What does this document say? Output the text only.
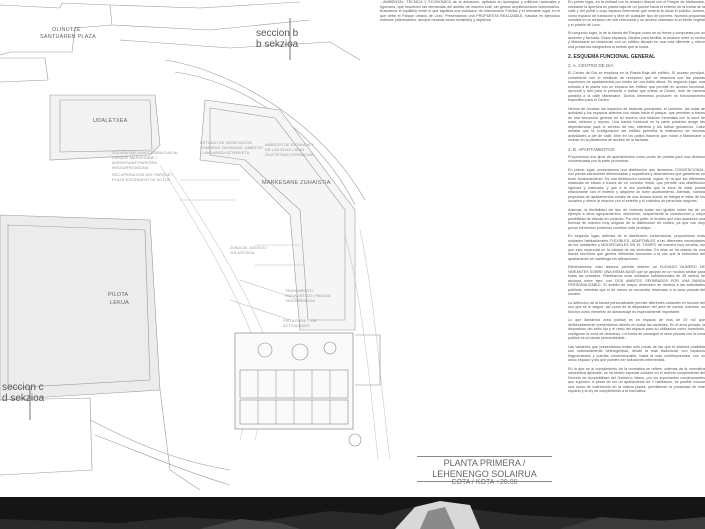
OLINUTZE
SANTUAREN PLAZA
UDALETXEA
MARKESANE ZUHAISTIA
PILOTA
LEKUA
ZONA DE JUEGOS / JOLASTOKIA
SOLVENTAR LA ACCESIBILIDAD AL PARQUE MARKESANE / MARKESANE PARKERA IRISGARRITASUNA
RECUPERACION DEL PARQUE / PLAZA ESCENARIO DE ACTOS
ESTUDIO DE VEGETACION, SOMBRAS, DENSIDAD, AMBITOS / LANDAREDI AZTERKETA
AMBITOS DE ESTANCIA Y DE LAS EDAD / ADIN GUZTIETAKO ESPAZIOAK
TRATAMIENTO PAISAJISTICO / PAISAIA TRATAMENDUA
PISTA PARA ... DE ACTIVIDADES
seccion b
b sekzioa
seccion c
d sekzioa
PLANTA PRIMERA /
LEHENENGO SOLAIRUA
COTA / KOTA +20.00

...AMBIENTAL, TECNICA Y ECONOMICA de la actuacion, aplicada en tipologias y edificios racionales y rigorosos, que resuelven las demandas del ambito de manera sutil, sin gestos arquitectonicos innecesarios. Buscamos el equilibrio entre lo que significa una actuacion de Intervencion Publica y el relevante lugar en el que debe el Parque urbano de Lezo. Presentamos una PROPUESTA REALIZABLE, basada en ejercicios estrictos (interesantes, aunque muchas veces invisibles) y objetivos.

En primer lugar, en la entidad con la relacion directa con el Parque de Markesane, mediante la apertura en planta baja de un porche hacia el exterior de la trama de la calle y del portal o cuyo espacio intermedio que ordena la hacia el publico. Ambos, como espacio de transicion y libre de cualquier tipo de porches. Nuestra propuesta consiste en la creacion de una vida social y un acceso ordenado a un frente vegetal y el pueblo de Lezo.

En segundo lugar, la de la banda del Parque como en su frente y compuesta por un ascenso y fachada. Estos espacios, ideales para facilitar la relacion entre el centro y Markesane se relacionan con un edificio situado en una cota diferente y ofrece una presencia integradora al ambito que la rodea.

2. ESQUEMA FUNCIONAL GENERAL
2. A. CENTRO DE DIA

El Centro de Dia se emplaza en la Planta Baja del edificio. El acceso principal, coincidente con el vestibulo de recepcion que se relaciona con las plantas superiores de apartamentos por medio de una doble altura. En segundo lugar, una entrada a la planta con un espacio del edificio que permite en acceso funcional, opcional y faril para el personal o visitas que entran al Centro, todo de manera paralela a la calle Markesane. Dichos elementos producen un funcionamiento especifico para el Centro.

Hemos de recalcar los espacios de estancia principales, el comedor, las salas de actividad y los espacios abiertos con vistas hacia el parque, que permiten a traves de una secuencia generar en su entorno una relacion inmediata con la zona de estar, relacion y reposo. Una banda funcional en la parte posterior acoge las dependencias para el servicio de bar, cafeteria y los baños geriatricos. Cabe señalar que la configuracion del edificio permitira la realizacion de muchas actividades a pie de calle, bien en los patios traseros que miran a Markesane o incluso en la plataforma de acceso de la fachada.

2. B. APARTAMENTOS

Proponemos dos tipos de apartamentos como punto de partida para una decision consensuada con la parte promotora.

En primer lugar, presentamos una distribucion que llamamos CONVENCIONAL, con piezas claramente diferenciadas y superficies y dimensiones que garantizan un buen funcionamiento. Es una distribucion racional, logica, en la que las diferentes estancias se sitúan a traves de un corredor lineal, que permite una distribucion rigurosa y ordenada, y que a la vez posibilita que la zona de estar pueda relacionarse con el exterior y adquiera un buen asoleamiento. Ademas, nuestra propuesta de apartamentos consta de una terraza donde se integra el estar de los usuarios y ofrece la relacion con el exterior y el colectivo de personas mayores.

Ademas, la flexibilidad del tipo de vivienda todas son iguales sobre las de un ejemplo a otros agrupamientos, ofreciendo, simplemente la construccion y mejor posibilidad de estudio en conjunto. Por otra parte, el modelo que esto aparecen una formula de manera muy singular de la distribucion de costes, ya que con muy pocos elementos podemos construir este prototipo.

En segundo lugar, ademas de la distribucion convencional, proponemos unas unidades habitacionales FLEXIBLES, ADAPTABLES a las diferentes necesidades de los habitantes y MODIFICABLES EN EL TIEMPO de manera muy sencilla, sin que esto repercuta en la calidad de las viviendas. En ellas se ha dotado de una banda servidora que genera diferentes funciones a la vez que la estructura del apartamento se mantenga sin alteraciones.

Efectivamente, esto sistema permite obtener un ELEVADO NUMERO DE VARIANTES SOBRE UNA MISMA BASE que se apoyan en un modulo similar para todas las unidades. Planteamos unas unidades habitacionales de 45 metros de anchura entre ejes, con DOS AMBITOS SEPARADOS POR UNA BANDA PERSONALIZABLE. El ambito de mayor dimension se destina a las actividades publicas, mientras que el de menor se encuentra reservado a la zona privada del usuario.

La definicion de la banda personalizable permite diferentes variantes en funcion del uso que se le asigne, asi como de la disposicion del area de cocina. Ademas, su funcion como elemento de almacenaje es especialmente importante.

Lo que llamamos area publica es un espacio de mas de 20 m2 que deliberadamente presentamos abierto en todas las variantes. En el area privada, la disposicion del baño fijo y el resto del espacio para su utilizacion como dormitorio, configuran la zona de descanso. La forma de conseguir el area privada con la zona publica es la banda personalizable.

Las variantes que presentamos tratan solo pocas de las que el sistema posibilita son ordenadamente heterogeneas, desde la mas tradicional, con espacios fragmentados y puertas convencionales, hasta la mas contemporanea, con un unico espacio y las que pueden ser soluciones intermedias.

En lo que se al cumplimiento de la normativa se refiere, ademas de la normativa urbanistica aplicable, se ha tenido especial cuidado en el estricto cumplimiento del Decreto de Accesibilidad del Gobierno Vasco, por los importantes condicionantes que suponen. A pesar de ser un apartamento de 1 habitacion, es posible colocar una cama de matrimonio en la misma planta, permitiendo la privacidad de este espacio y la ley de cumplimiento a la normativa.
